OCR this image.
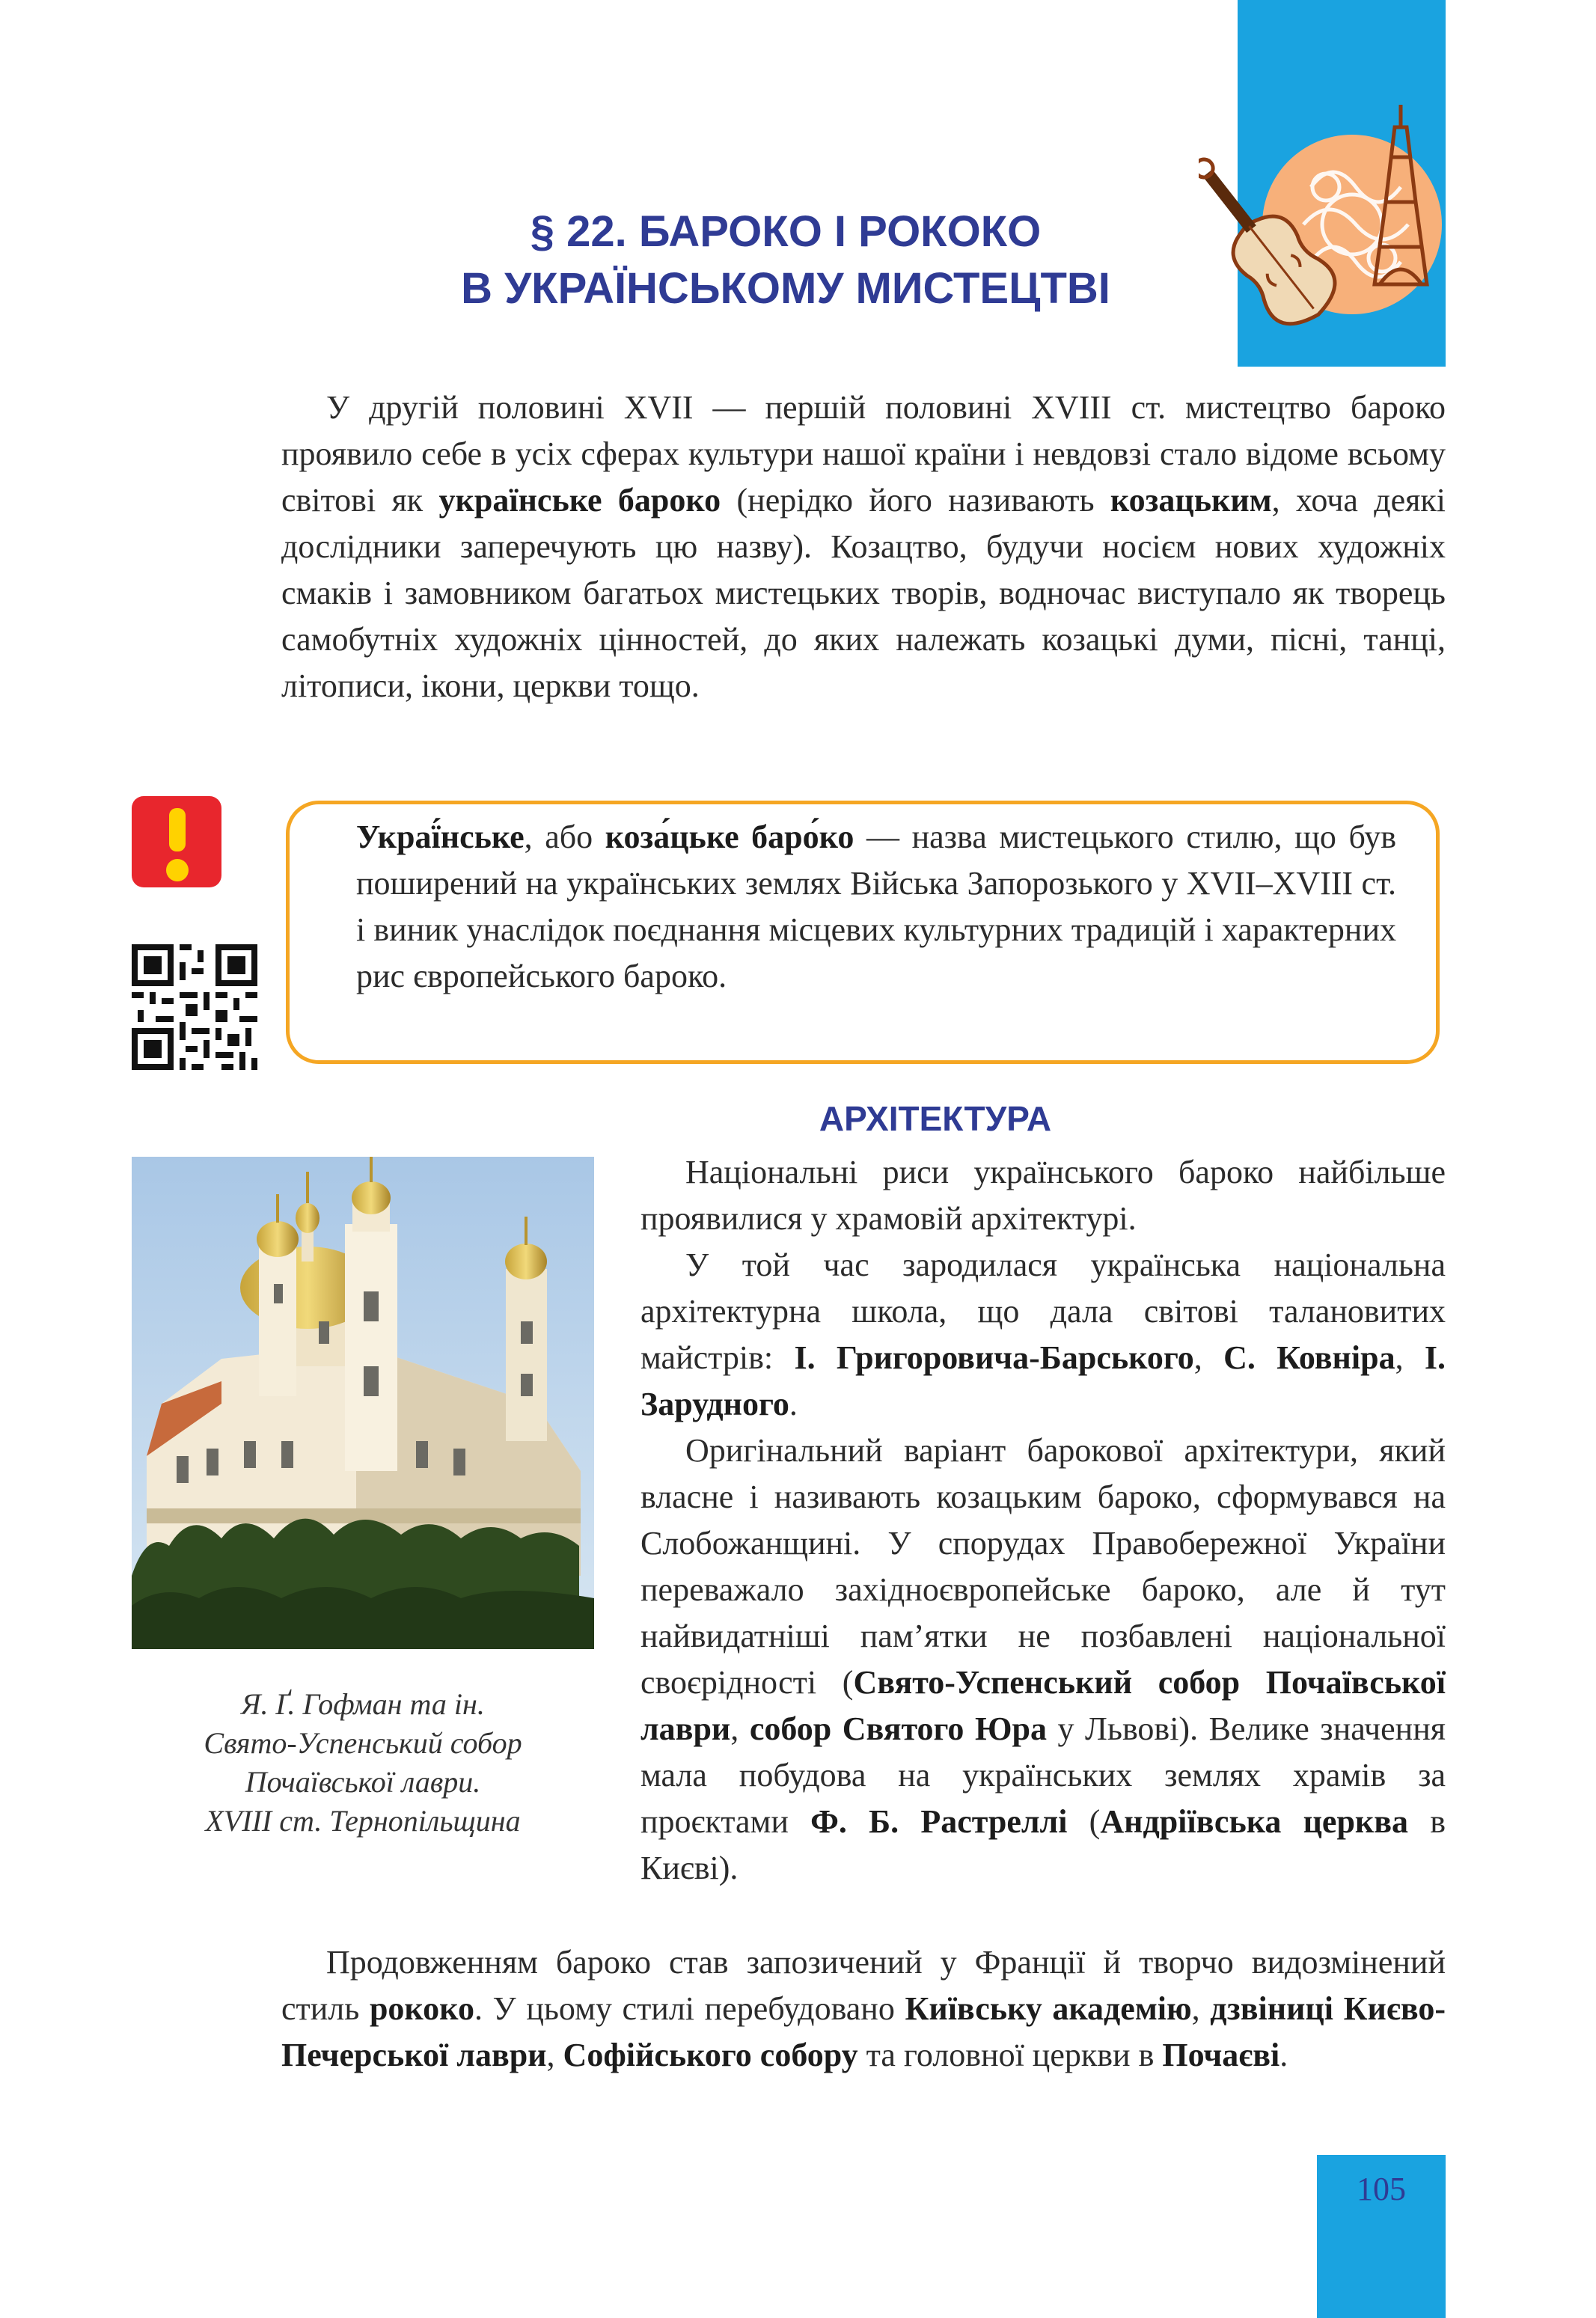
§ 22. БАРОКО І РОКОКО
В УКРАЇНСЬКОМУ МИСТЕЦТВІ
У другій половині XVII — першій половині XVIII ст. мистецтво бароко проявило себе в усіх сферах культури нашої країни і невдовзі стало відоме всьому світові як українське бароко (нерідко його називають козацьким, хоча деякі дослідники заперечують цю назву). Козацтво, будучи носієм нових художніх смаків і замовником багатьох мистецьких творів, водночас виступало як творець самобутніх художніх цінностей, до яких належать козацькі думи, пісні, танці, літописи, ікони, церкви тощо.
Украї́нське, або коза́цьке баро́ко — назва мистецького стилю, що був поширений на українських землях Війська Запорозького у XVII–XVIII ст. і виник унаслідок поєднання місцевих культурних традицій і характерних рис європейського бароко.
АРХІТЕКТУРА
Я. Ґ. Гофман та ін.
Свято-Успенський собор
Почаївської лаври.
XVIII ст. Тернопільщина

Національні риси українського бароко найбільше проявилися у храмовій архітектурі.

У той час зародилася українська національна архітектурна школа, що дала світові талановитих майстрів: І. Григоровича-Барського, С. Ковніра, І. Зарудного.

Оригінальний варіант барокової архітектури, який власне і називають козацьким бароко, сформувався на Слобожанщині. У спорудах Правобережної України переважало західноєвропейське бароко, але й тут найвидатніші пам’ятки не позбавлені національної своєрідності (Свято-Успенський собор Почаївської лаври, собор Святого Юра у Львові). Велике значення мала побудова на українських землях храмів за проєктами Ф. Б. Растреллі (Андріївська церква в Києві).

Продовженням бароко став запозичений у Франції й творчо видозмінений стиль рококо. У цьому стилі перебудовано Київську академію, дзвіниці Києво-Печерської лаври, Софійського собору та головної церкви в Почаєві.
105
